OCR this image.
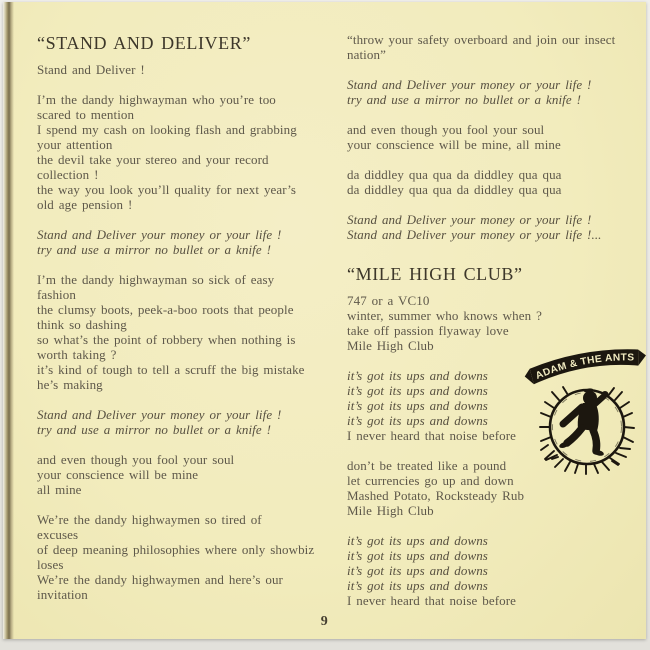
“STAND AND DELIVER”
Stand and Deliver !
I’m the dandy highwayman who you’re too
scared to mention
I spend my cash on looking flash and grabbing
your attention
the devil take your stereo and your record
collection !
the way you look you’ll quality for next year’s
old age pension !
Stand and Deliver your money or your life !
try and use a mirror no bullet or a knife !
I’m the dandy highwayman so sick of easy
fashion
the clumsy boots, peek-a-boo roots that people
think so dashing
so what’s the point of robbery when nothing is
worth taking ?
it’s kind of tough to tell a scruff the big mistake
he’s making
Stand and Deliver your money or your life !
try and use a mirror no bullet or a knife !
and even though you fool your soul
your conscience will be mine
all mine
We’re the dandy highwaymen so tired of
excuses
of deep meaning philosophies where only showbiz
loses
We’re the dandy highwaymen and here’s our
invitation
“throw your safety overboard and join our insect
nation”
Stand and Deliver your money or your life !
try and use a mirror no bullet or a knife !
and even though you fool your soul
your conscience will be mine, all mine
da diddley qua qua da diddley qua qua
da diddley qua qua da diddley qua qua
Stand and Deliver your money or your life !
Stand and Deliver your money or your life !...
“MILE HIGH CLUB”
747 or a VC10
winter, summer who knows when ?
take off passion flyaway love
Mile High Club
it’s got its ups and downs
it’s got its ups and downs
it’s got its ups and downs
it’s got its ups and downs
I never heard that noise before
don’t be treated like a pound
let currencies go up and down
Mashed Potato, Rocksteady Rub
Mile High Club
it’s got its ups and downs
it’s got its ups and downs
it’s got its ups and downs
it’s got its ups and downs
I never heard that noise before
ADAM & THE ANTS
9
